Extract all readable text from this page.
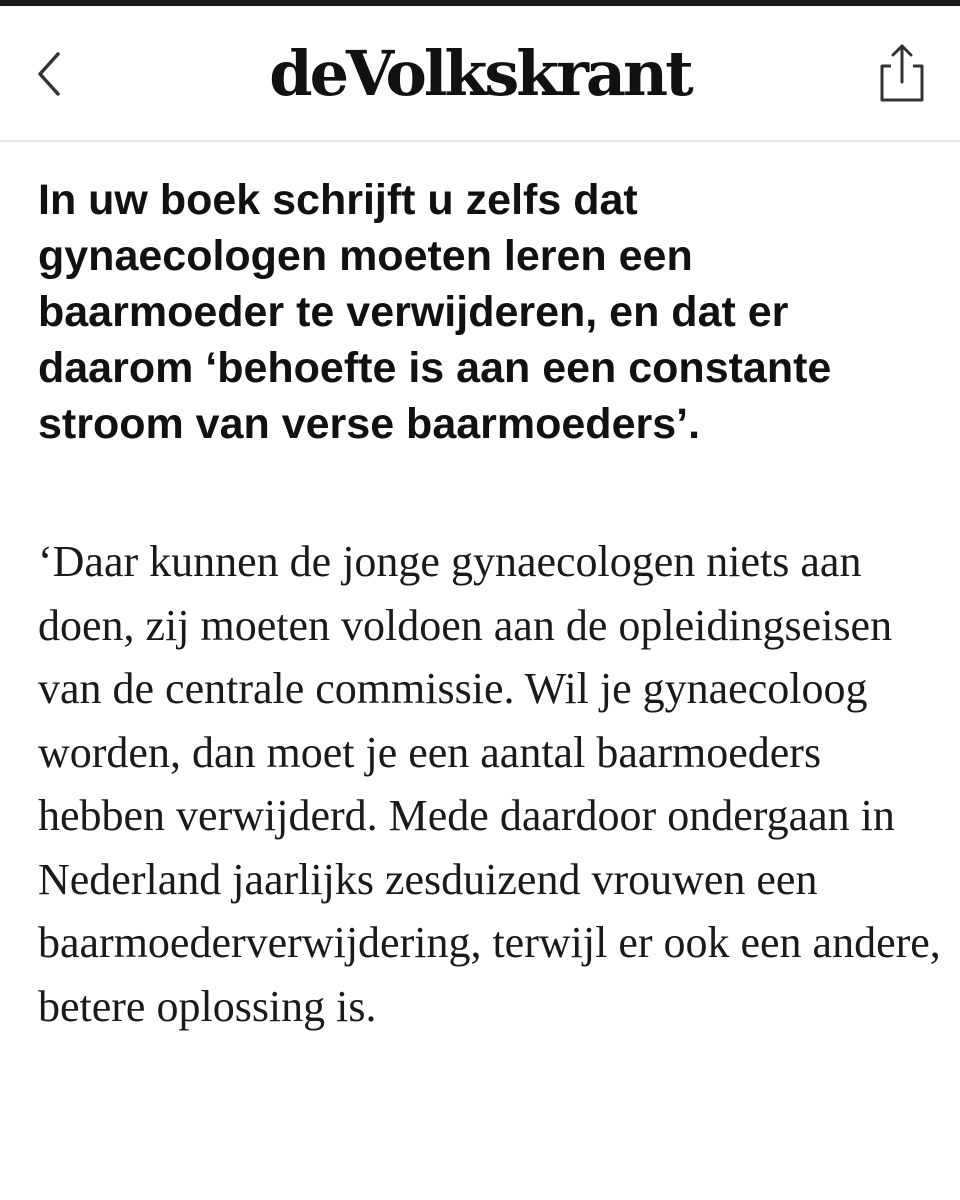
deVolkskrant
In uw boek schrijft u zelfs dat gynaecologen moeten leren een baarmoeder te verwijderen, en dat er daarom ‘behoefte is aan een constante stroom van verse baarmoeders’.

‘Daar kunnen de jonge gynaecologen niets aan doen, zij moeten voldoen aan de opleidingseisen van de centrale commissie. Wil je gynaecoloog worden, dan moet je een aantal baarmoeders hebben verwijderd. Mede daardoor ondergaan in Nederland jaarlijks zesduizend vrouwen een baarmoederverwijdering, terwijl er ook een andere, betere oplossing is.
